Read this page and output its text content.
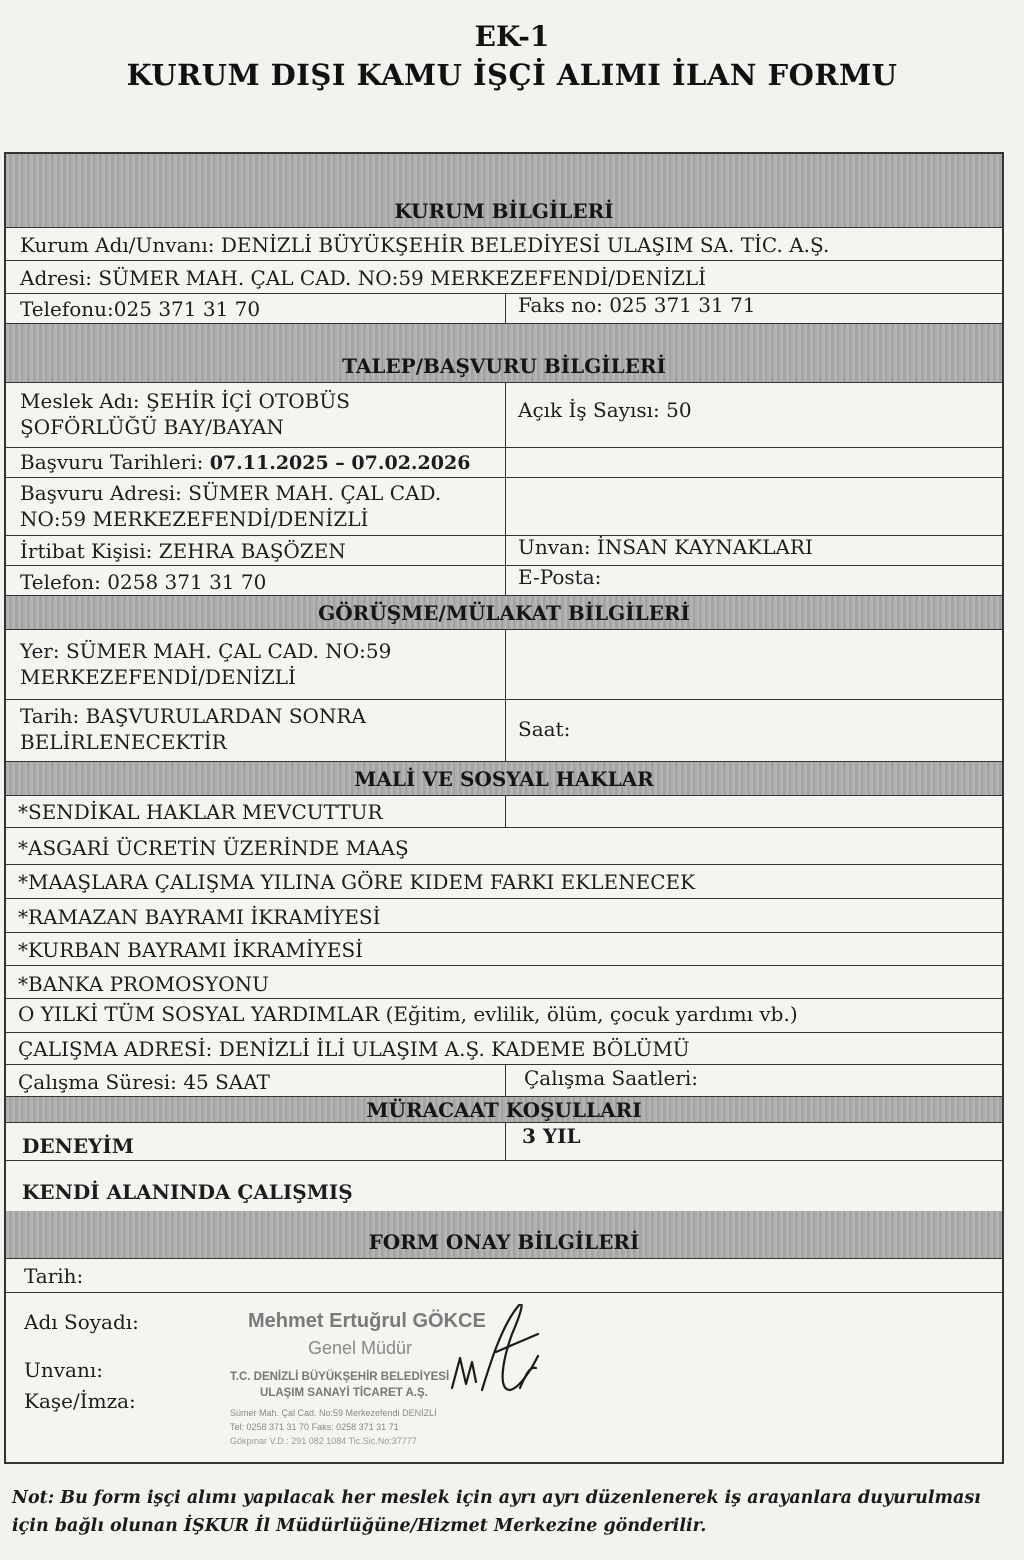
EK-1
KURUM DIŞI KAMU İŞÇİ ALIMI İLAN FORMU
KURUM BİLGİLERİ
Kurum Adı/Unvanı: DENİZLİ BÜYÜKŞEHİR BELEDİYESİ ULAŞIM SA. TİC. A.Ş.
Adresi: SÜMER MAH. ÇAL CAD. NO:59 MERKEZEFENDİ/DENİZLİ
Telefonu:025 371 31 70	Faks no: 025 371 31 71
TALEP/BAŞVURU BİLGİLERİ
Meslek Adı: ŞEHİR İÇİ OTOBÜS ŞOFÖRLÜĞÜ BAY/BAYAN
Açık İş Sayısı: 50
Başvuru Tarihleri: 07.11.2025 – 07.02.2026
Başvuru Adresi: SÜMER MAH. ÇAL CAD. NO:59 MERKEZEFENDİ/DENİZLİ
İrtibat Kişisi: ZEHRA BAŞÖZEN	Unvan: İNSAN KAYNAKLARI
Telefon: 0258 371 31 70	E-Posta:
GÖRÜŞME/MÜLAKAT BİLGİLERİ
Yer: SÜMER MAH. ÇAL CAD. NO:59 MERKEZEFENDİ/DENİZLİ
Tarih: BAŞVURULARDAN SONRA BELİRLENECEKTİR
Saat:
MALİ VE SOSYAL HAKLAR
*SENDİKAL HAKLAR MEVCUTTUR
*ASGARİ ÜCRETİN ÜZERİNDE MAAŞ
*MAAŞLARA ÇALIŞMA YILINA GÖRE KIDEM FARKI EKLENECEK
*RAMAZAN BAYRAMI İKRAMİYESİ
*KURBAN BAYRAMI İKRAMİYESİ
*BANKA PROMOSYONU
O YILKİ TÜM SOSYAL YARDIMLAR (Eğitim, evlilik, ölüm, çocuk yardımı vb.)
ÇALIŞMA ADRESİ: DENİZLİ İLİ ULAŞIM A.Ş. KADEME BÖLÜMÜ
Çalışma Süresi: 45 SAAT	Çalışma Saatleri:
MÜRACAAT KOŞULLARI
DENEYİM	3 YIL
KENDİ ALANINDA ÇALIŞMIŞ
FORM ONAY BİLGİLERİ
Tarih:
Adı Soyadı:
Unvanı:
Kaşe/İmza:
Mehmet Ertuğrul GÖKCE
Genel Müdür
T.C. DENİZLİ BÜYÜKŞEHİR BELEDİYESİ
ULAŞIM SANAYİ TİCARET A.Ş.
Sümer Mah. Çal Cad. No:59 Merkezefendi DENİZLİ
Tel: 0258 371 31 70 Faks: 0258 371 31 71
Gökpınar V.D.: 291 082 1084 Tic.Sic.No:37777
Not: Bu form işçi alımı yapılacak her meslek için ayrı ayrı düzenlenerek iş arayanlara duyurulması için bağlı olunan İŞKUR İl Müdürlüğüne/Hizmet Merkezine gönderilir.
